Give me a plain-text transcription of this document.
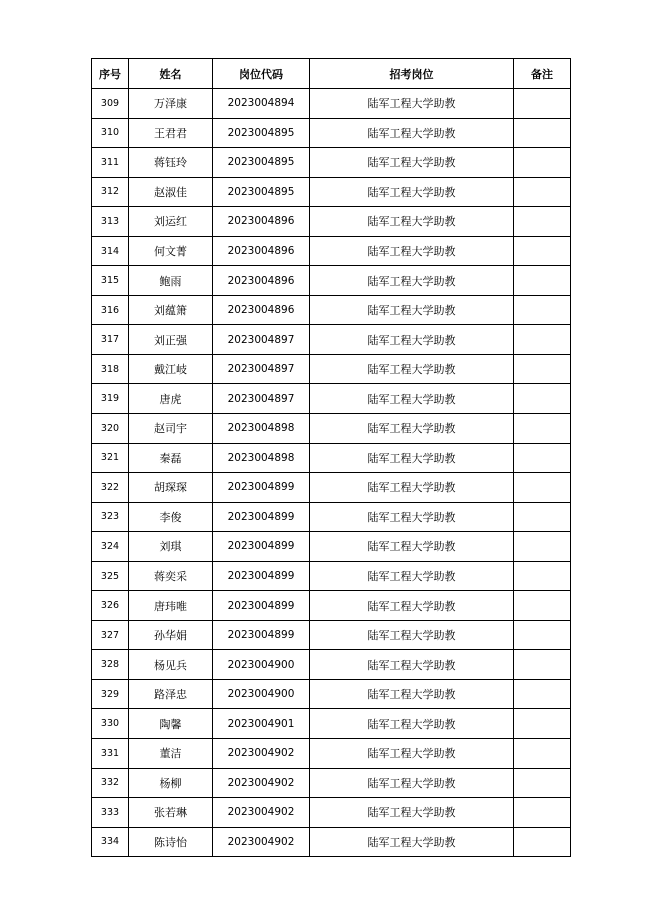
序号	姓名	岗位代码	招考岗位	备注
309	万泽康	2023004894	陆军工程大学助教	
310	王君君	2023004895	陆军工程大学助教	
311	蒋钰玲	2023004895	陆军工程大学助教	
312	赵淑佳	2023004895	陆军工程大学助教	
313	刘运红	2023004896	陆军工程大学助教	
314	何文菁	2023004896	陆军工程大学助教	
315	鲍雨	2023004896	陆军工程大学助教	
316	刘蕴箫	2023004896	陆军工程大学助教	
317	刘正强	2023004897	陆军工程大学助教	
318	戴江岐	2023004897	陆军工程大学助教	
319	唐虎	2023004897	陆军工程大学助教	
320	赵司宇	2023004898	陆军工程大学助教	
321	秦磊	2023004898	陆军工程大学助教	
322	胡琛琛	2023004899	陆军工程大学助教	
323	李俊	2023004899	陆军工程大学助教	
324	刘琪	2023004899	陆军工程大学助教	
325	蒋奕采	2023004899	陆军工程大学助教	
326	唐玮唯	2023004899	陆军工程大学助教	
327	孙华娟	2023004899	陆军工程大学助教	
328	杨见兵	2023004900	陆军工程大学助教	
329	路泽忠	2023004900	陆军工程大学助教	
330	陶馨	2023004901	陆军工程大学助教	
331	董洁	2023004902	陆军工程大学助教	
332	杨柳	2023004902	陆军工程大学助教	
333	张若琳	2023004902	陆军工程大学助教	
334	陈诗怡	2023004902	陆军工程大学助教	
